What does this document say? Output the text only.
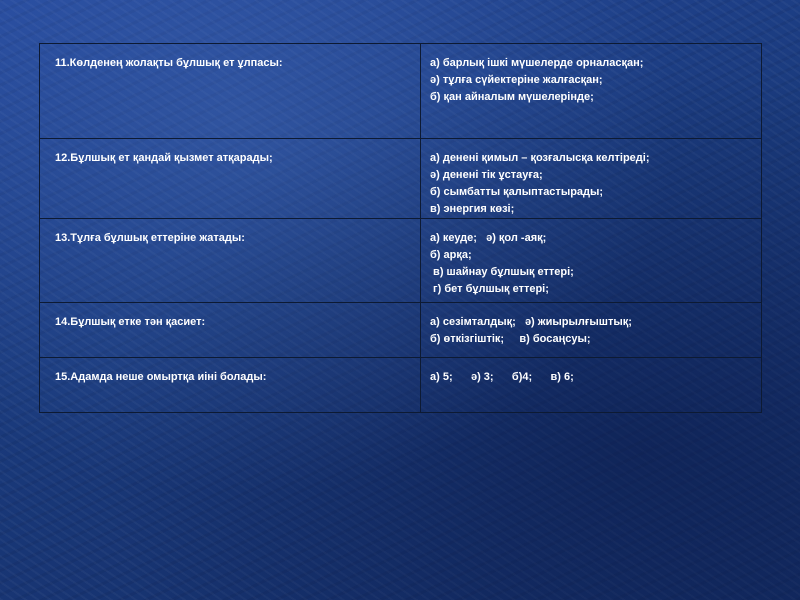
11.Көлденең жолақты бұлшық ет ұлпасы:	а) барлық ішкі мүшелерде орналасқан;
ә) тұлға сүйектеріне жалғасқан;
б) қан айналым мүшелерінде;

12.Бұлшық ет қандай қызмет атқарады;	а) денені қимыл – қозғалысқа келтіреді;
ә) денені тік ұстауға;
б) сымбатты қалыптастырады;
в) энергия көзі;

13.Тұлға бұлшық еттеріне жатады:	а) кеуде;   ә) қол -аяқ;
б) арқа;
в) шайнау бұлшық еттері;
г) бет бұлшық еттері;

14.Бұлшық етке тән қасиет:	а) сезімталдық;   ә) жиырылғыштық;
б) өткізгіштік;     в) босаңсуы;

15.Адамда неше омыртқа иіні болады:	а) 5;      ә) 3;      б)4;      в) 6;
